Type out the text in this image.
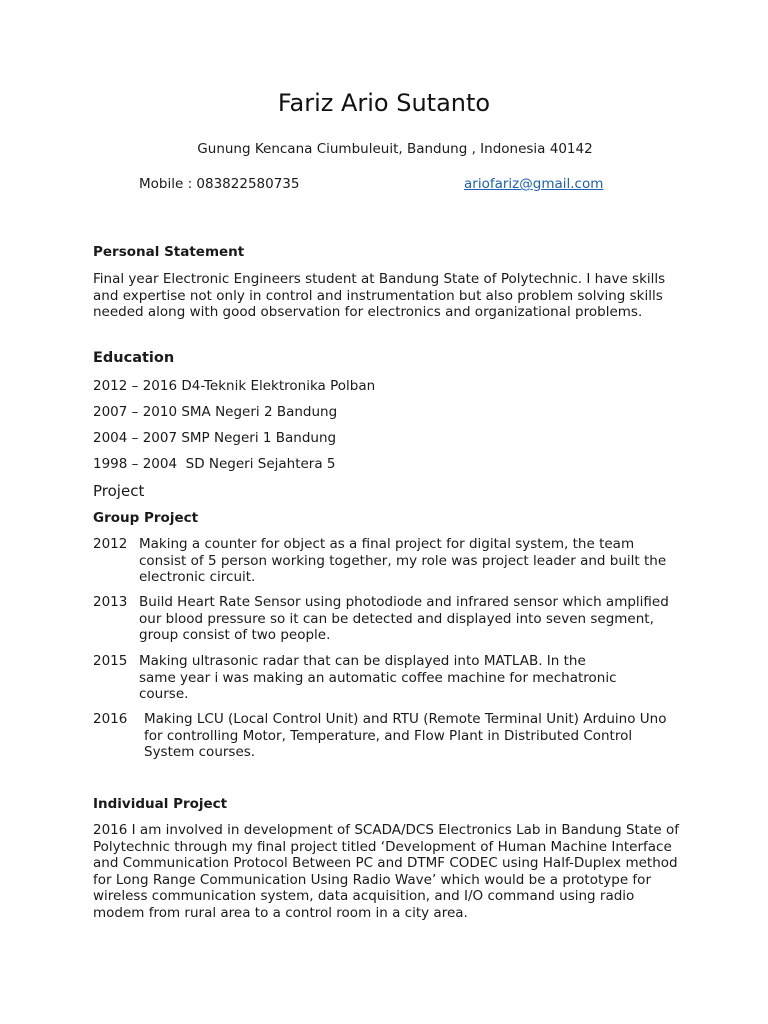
Fariz Ario Sutanto
Gunung Kencana Ciumbuleuit, Bandung , Indonesia 40142
Mobile : 083822580735	ariofariz@gmail.com
Personal Statement
Final year Electronic Engineers student at Bandung State of Polytechnic. I have skills and expertise not only in control and instrumentation but also problem solving skills needed along with good observation for electronics and organizational problems.
Education
2012 – 2016 D4-Teknik Elektronika Polban
2007 – 2010 SMA Negeri 2 Bandung
2004 – 2007 SMP Negeri 1 Bandung
1998 – 2004  SD Negeri Sejahtera 5
Project
Group Project
2012 Making a counter for object as a final project for digital system, the team consist of 5 person working together, my role was project leader and built the electronic circuit.
2013 Build Heart Rate Sensor using photodiode and infrared sensor which amplified our blood pressure so it can be detected and displayed into seven segment, group consist of two people.
2015 Making ultrasonic radar that can be displayed into MATLAB. In the same year i was making an automatic coffee machine for mechatronic course.
2016 Making LCU (Local Control Unit) and RTU (Remote Terminal Unit) Arduino Uno for controlling Motor, Temperature, and Flow Plant in Distributed Control System courses.
Individual Project
2016 I am involved in development of SCADA/DCS Electronics Lab in Bandung State of Polytechnic through my final project titled ‘Development of Human Machine Interface and Communication Protocol Between PC and DTMF CODEC using Half-Duplex method for Long Range Communication Using Radio Wave’ which would be a prototype for wireless communication system, data acquisition, and I/O command using radio modem from rural area to a control room in a city area.
